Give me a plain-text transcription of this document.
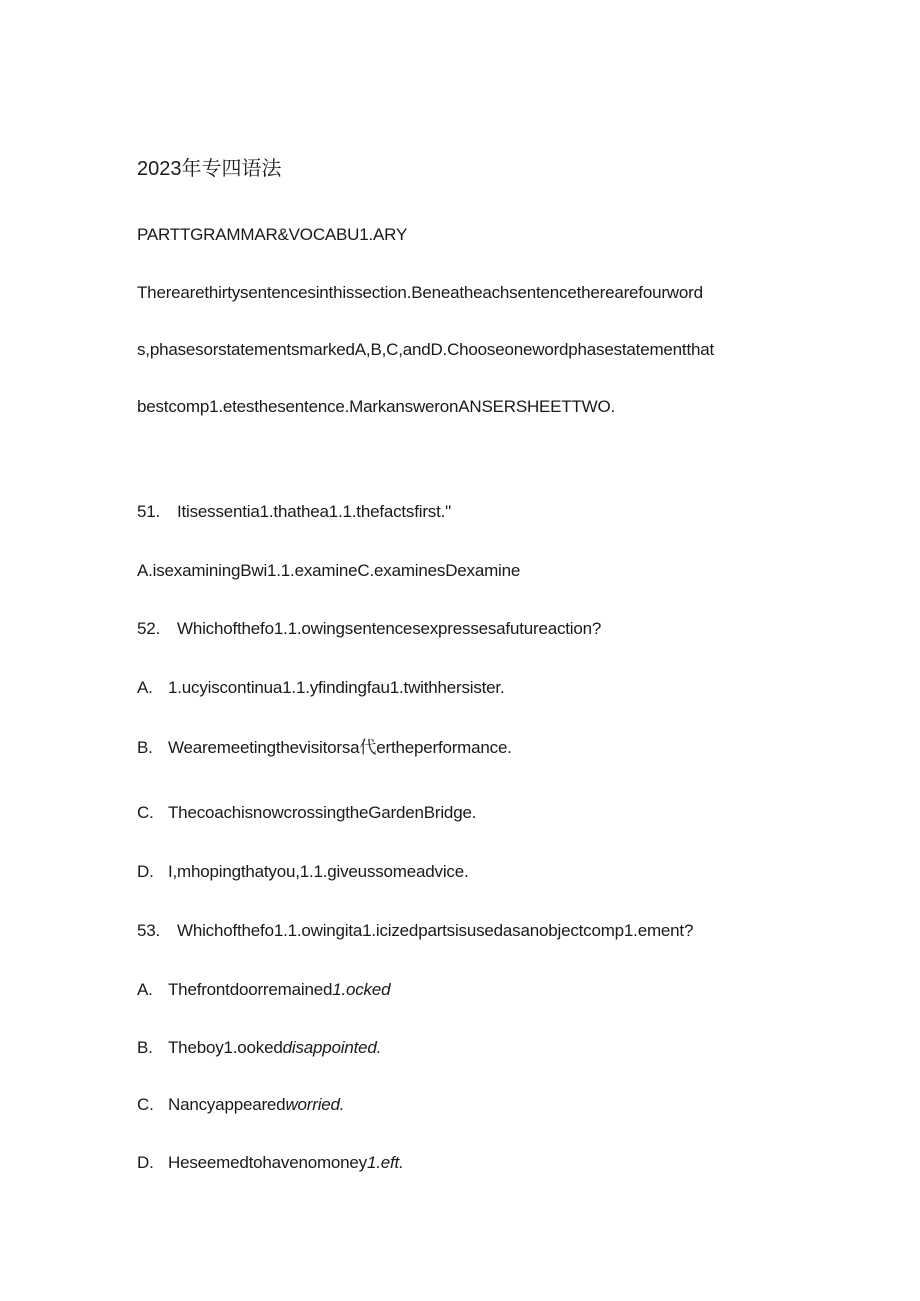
2023年专四语法
PARTTGRAMMAR&VOCABU1.ARY
Therearethirtysentencesinthissection.Beneatheachsentencetherearefourword
s,phasesorstatementsmarkedA,B,C,andD.Chooseonewordphasestatementthat
bestcomp1.etesthesentence.MarkansweronANSERSHEETTWO.
51. Itisessentia1.thathea1.1.thefactsfirst."
A.isexaminingBwi1.1.examineC.examinesDexamine
52. Whichofthefo1.1.owingsentencesexpressesafutureaction?
A. 1.ucyiscontinua1.1.yfindingfau1.twithhersister.
B. Wearemeetingthevisitorsa代ertheperformance.
C. ThecoachisnowcrossingtheGardenBridge.
D. I,mhopingthatyou,1.1.giveussomeadvice.
53. Whichofthefo1.1.owingita1.icizedpartsisusedasanobjectcomp1.ement?
A. Thefrontdoorremained1.ocked
B. Theboy1.ookeddisappointed.
C. Nancyappearedworried.
D. Heseemedtohavenomoney1.eft.
